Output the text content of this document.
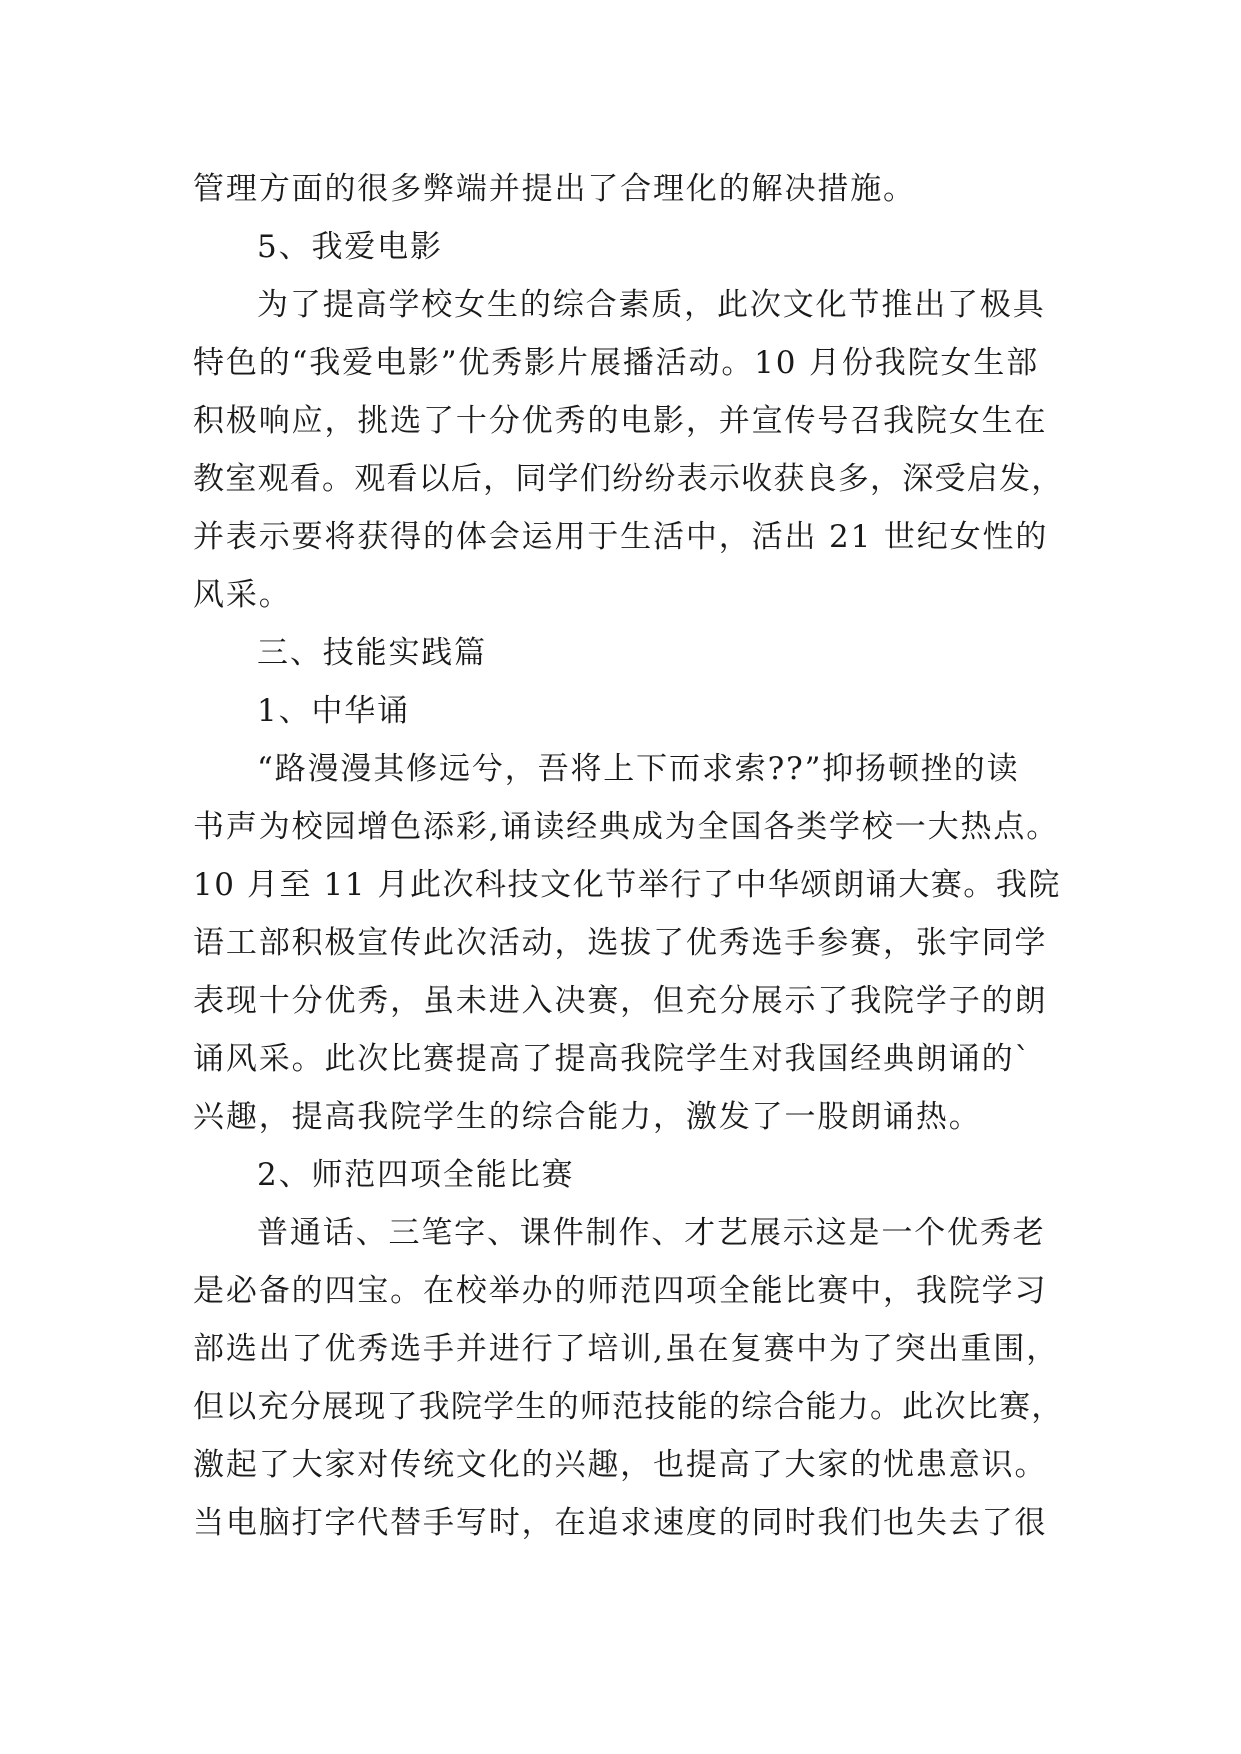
管理方面的很多弊端并提出了合理化的解决措施。
5、我爱电影
为了提高学校女生的综合素质，此次文化节推出了极具
特色的“我爱电影”优秀影片展播活动。10 月份我院女生部
积极响应，挑选了十分优秀的电影，并宣传号召我院女生在
教室观看。观看以后，同学们纷纷表示收获良多，深受启发，
并表示要将获得的体会运用于生活中，活出 21 世纪女性的
风采。
三、技能实践篇
1、中华诵
“路漫漫其修远兮，吾将上下而求索??”抑扬顿挫的读
书声为校园增色添彩,诵读经典成为全国各类学校一大热点。
10 月至 11 月此次科技文化节举行了中华颂朗诵大赛。我院
语工部积极宣传此次活动，选拔了优秀选手参赛，张宇同学
表现十分优秀，虽未进入决赛，但充分展示了我院学子的朗
诵风采。此次比赛提高了提高我院学生对我国经典朗诵的`
兴趣，提高我院学生的综合能力，激发了一股朗诵热。
2、师范四项全能比赛
普通话、三笔字、课件制作、才艺展示这是一个优秀老
是必备的四宝。在校举办的师范四项全能比赛中，我院学习
部选出了优秀选手并进行了培训,虽在复赛中为了突出重围，
但以充分展现了我院学生的师范技能的综合能力。此次比赛，
激起了大家对传统文化的兴趣，也提高了大家的忧患意识。
当电脑打字代替手写时，在追求速度的同时我们也失去了很
